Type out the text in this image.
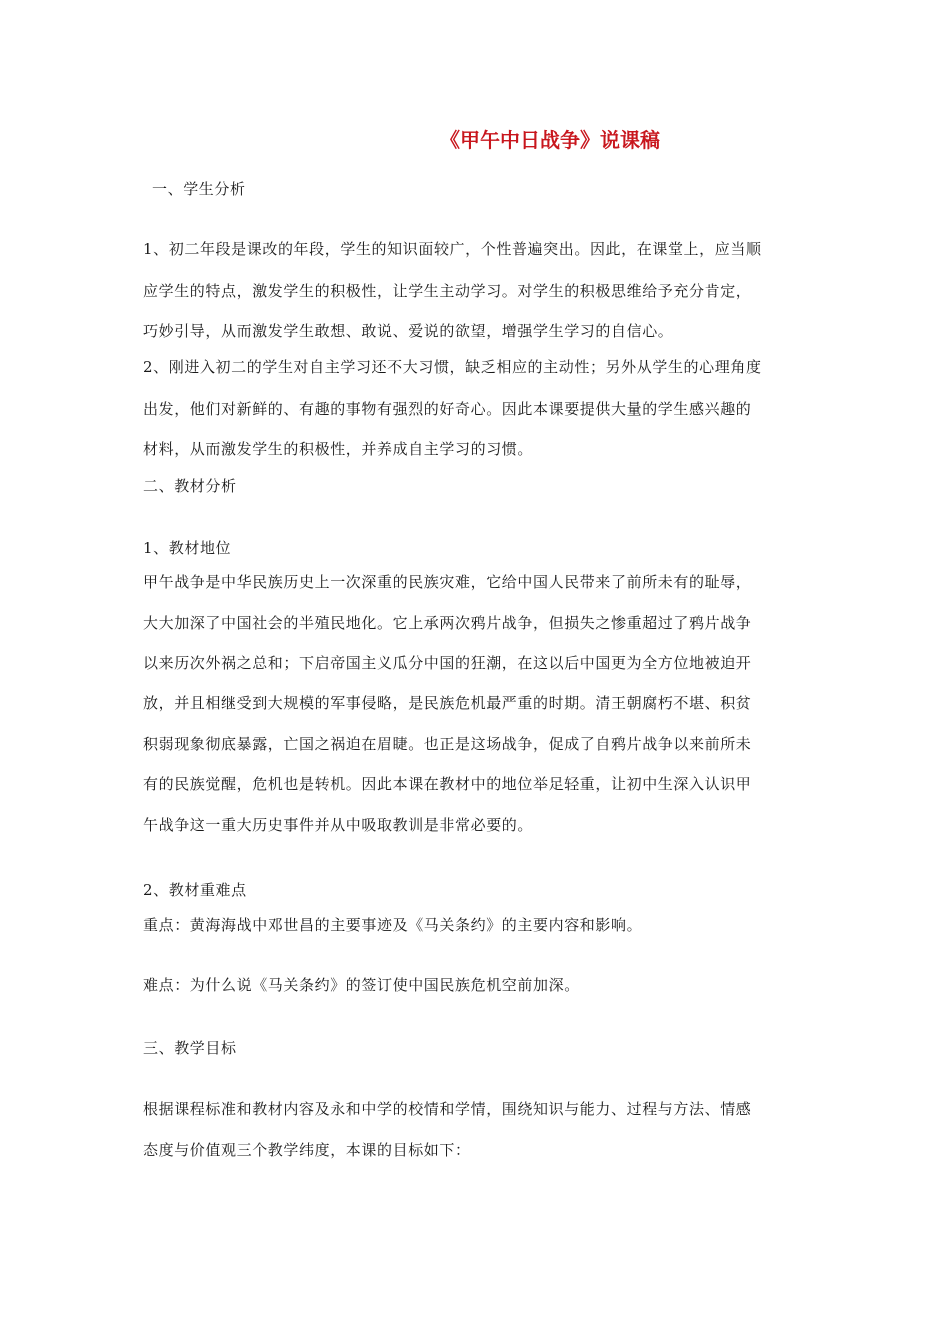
《甲午中日战争》说课稿
一、学生分析
1、初二年段是课改的年段，学生的知识面较广，个性普遍突出。因此，在课堂上，应当顺
应学生的特点，激发学生的积极性，让学生主动学习。对学生的积极思维给予充分肯定，
巧妙引导，从而激发学生敢想、敢说、爱说的欲望，增强学生学习的自信心。
2、刚进入初二的学生对自主学习还不大习惯，缺乏相应的主动性；另外从学生的心理角度
出发，他们对新鲜的、有趣的事物有强烈的好奇心。因此本课要提供大量的学生感兴趣的
材料，从而激发学生的积极性，并养成自主学习的习惯。
二、教材分析
1、教材地位
甲午战争是中华民族历史上一次深重的民族灾难，它给中国人民带来了前所未有的耻辱，
大大加深了中国社会的半殖民地化。它上承两次鸦片战争，但损失之惨重超过了鸦片战争
以来历次外祸之总和；下启帝国主义瓜分中国的狂潮，在这以后中国更为全方位地被迫开
放，并且相继受到大规模的军事侵略，是民族危机最严重的时期。清王朝腐朽不堪、积贫
积弱现象彻底暴露，亡国之祸迫在眉睫。也正是这场战争，促成了自鸦片战争以来前所未
有的民族觉醒，危机也是转机。因此本课在教材中的地位举足轻重，让初中生深入认识甲
午战争这一重大历史事件并从中吸取教训是非常必要的。
2、教材重难点
重点：黄海海战中邓世昌的主要事迹及《马关条约》的主要内容和影响。
难点：为什么说《马关条约》的签订使中国民族危机空前加深。
三、教学目标
根据课程标准和教材内容及永和中学的校情和学情，围绕知识与能力、过程与方法、情感
态度与价值观三个教学纬度，本课的目标如下：
